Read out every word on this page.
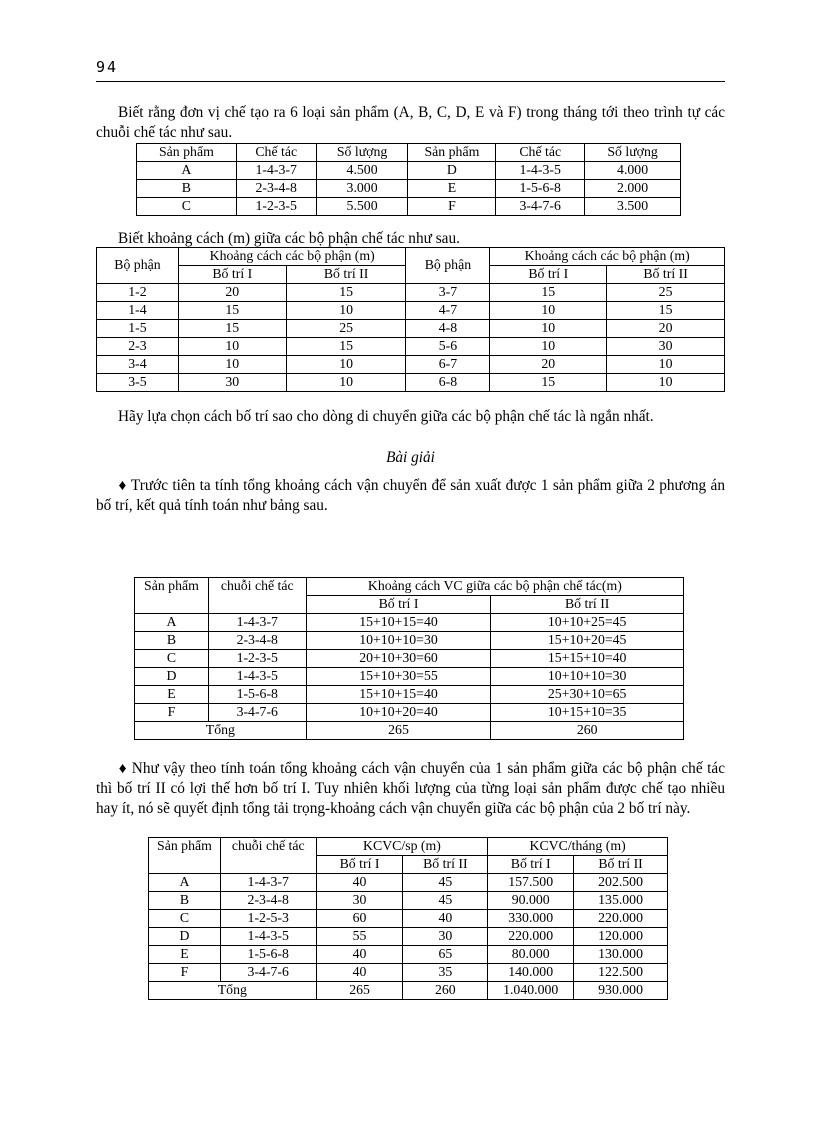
94

Biết rằng đơn vị chế tạo ra 6 loại sản phẩm (A, B, C, D, E và F) trong tháng tới theo trình tự các chuỗi chế tác như sau.

Sản phẩm	Chế tác	Số lượng	Sản phẩm	Chế tác	Số lượng
A	1-4-3-7	4.500	D	1-4-3-5	4.000
B	2-3-4-8	3.000	E	1-5-6-8	2.000
C	1-2-3-5	5.500	F	3-4-7-6	3.500

Biết khoảng cách (m) giữa các bộ phận chế tác như sau.

Bộ phận	Khoảng cách các bộ phận (m)		Bộ phận	Khoảng cách các bộ phận (m)	
	Bố trí I	Bố trí II		Bố trí I	Bố trí II
1-2	20	15	3-7	15	25
1-4	15	10	4-7	10	15
1-5	15	25	4-8	10	20
2-3	10	15	5-6	10	30
3-4	10	10	6-7	20	10
3-5	30	10	6-8	15	10

Hãy lựa chọn cách bố trí sao cho dòng di chuyển giữa các bộ phận chế tác là ngắn nhất.

Bài giải

♦ Trước tiên ta tính tổng khoảng cách vận chuyển để sản xuất được 1 sản phẩm giữa 2 phương án bố trí, kết quả tính toán như bảng sau.

Sản phẩm	chuỗi chế tác	Khoảng cách VC giữa các bộ phận chế tác(m)	
		Bố trí I	Bố trí II
A	1-4-3-7	15+10+15=40	10+10+25=45
B	2-3-4-8	10+10+10=30	15+10+20=45
C	1-2-3-5	20+10+30=60	15+15+10=40
D	1-4-3-5	15+10+30=55	10+10+10=30
E	1-5-6-8	15+10+15=40	25+30+10=65
F	3-4-7-6	10+10+20=40	10+15+10=35
Tổng		265	260

♦ Như vậy theo tính toán tổng khoảng cách vận chuyển của 1 sản phẩm giữa các bộ phận chế tác thì bố trí II có lợi thế hơn bố trí I. Tuy nhiên khối lượng của từng loại sản phẩm được chế tạo nhiều hay ít, nó sẽ quyết định tổng tải trọng-khoảng cách vận chuyển giữa các bộ phận của 2 bố trí này.

Sản phẩm	chuỗi chế tác	KCVC/sp (m)		KCVC/tháng (m)	
		Bố trí I	Bố trí II	Bố trí I	Bố trí II
A	1-4-3-7	40	45	157.500	202.500
B	2-3-4-8	30	45	90.000	135.000
C	1-2-5-3	60	40	330.000	220.000
D	1-4-3-5	55	30	220.000	120.000
E	1-5-6-8	40	65	80.000	130.000
F	3-4-7-6	40	35	140.000	122.500
Tổng		265	260	1.040.000	930.000
